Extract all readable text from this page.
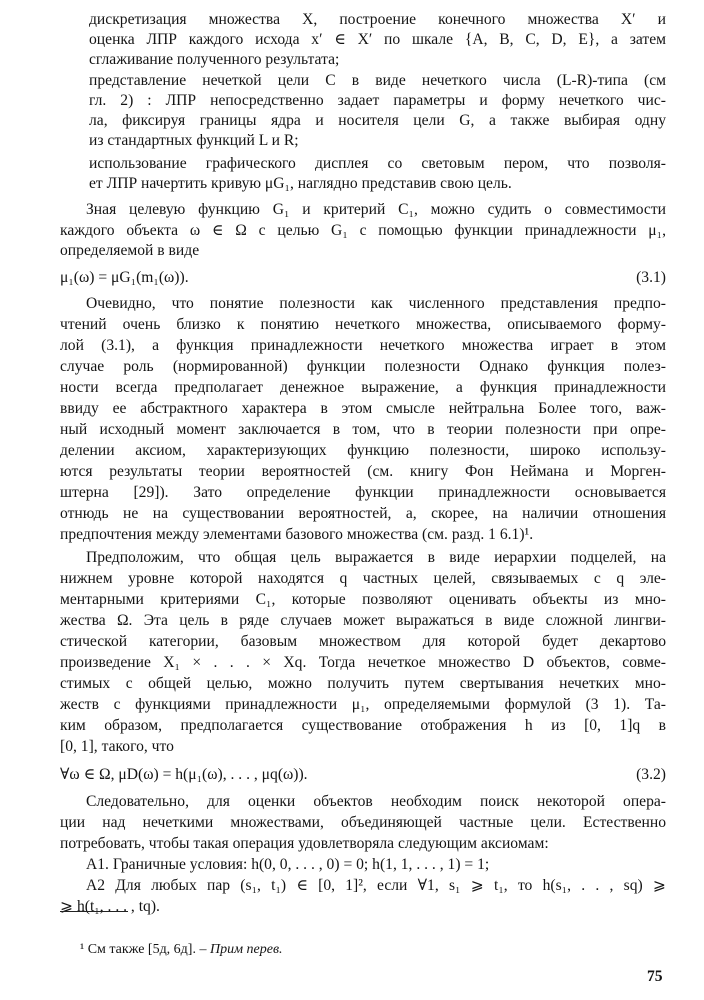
дискретизация множества X, построение конечного множества X′ и
оценка ЛПР каждого исхода x′ ∈ X′ по шкале {A, B, C, D, E}, а затем
сглаживание полученного результата;
представление нечеткой цели C в виде нечеткого числа (L-R)-типа (см
гл. 2) : ЛПР непосредственно задает параметры и форму нечеткого чис-
ла, фиксируя границы ядра и носителя цели G, а также выбирая одну
из стандартных функций L и R;
использование графического дисплея со световым пером, что позволя-
ет ЛПР начертить кривую μG₁, наглядно представив свою цель.
Зная целевую функцию G₁ и критерий C₁, можно судить о совместимости
каждого объекта ω ∈ Ω с целью G₁ с помощью функции принадлежности μ₁,
определяемой в виде
μ₁(ω) = μG₁(m₁(ω)).	(3.1)
Очевидно, что понятие полезности как численного представления предпо-
чтений очень близко к понятию нечеткого множества, описываемого форму-
лой (3.1), а функция принадлежности нечеткого множества играет в этом
случае роль (нормированной) функции полезности Однако функция полез-
ности всегда предполагает денежное выражение, а функция принадлежности
ввиду ее абстрактного характера в этом смысле нейтральна Более того, важ-
ный исходный момент заключается в том, что в теории полезности при опре-
делении аксиом, характеризующих функцию полезности, широко использу-
ются результаты теории вероятностей (см. книгу Фон Неймана и Морген-
штерна [29]). Зато определение функции принадлежности основывается
отнюдь не на существовании вероятностей, а, скорее, на наличии отношения
предпочтения между элементами базового множества (см. разд. 1 6.1)¹.
Предположим, что общая цель выражается в виде иерархии подцелей, на
нижнем уровне которой находятся q частных целей, связываемых с q эле-
ментарными критериями C₁, которые позволяют оценивать объекты из мно-
жества Ω. Эта цель в ряде случаев может выражаться в виде сложной лингви-
стической категории, базовым множеством для которой будет декартово
произведение X₁ × . . . × Xq. Тогда нечеткое множество D объектов, совме-
стимых с общей целью, можно получить путем свертывания нечетких мно-
жеств с функциями принадлежности μ₁, определяемыми формулой (3 1). Та-
ким образом, предполагается существование отображения h из [0, 1]q в
[0, 1], такого, что
∀ω ∈ Ω, μD(ω) = h(μ₁(ω), . . . , μq(ω)).	(3.2)
Следовательно, для оценки объектов необходим поиск некоторой опера-
ции над нечеткими множествами, объединяющей частные цели. Естественно
потребовать, чтобы такая операция удовлетворяла следующим аксиомам:
А1. Граничные условия: h(0, 0, . . . , 0) = 0; h(1, 1, . . . , 1) = 1;
А2 Для любых пар (s₁, t₁) ∈ [0, 1]², если ∀1, s₁ ⩾ t₁, то h(s₁, . . , sq) ⩾
⩾ h(t₁, . . . , tq).
¹ См также [5д, 6д]. – Прим перев.
75
